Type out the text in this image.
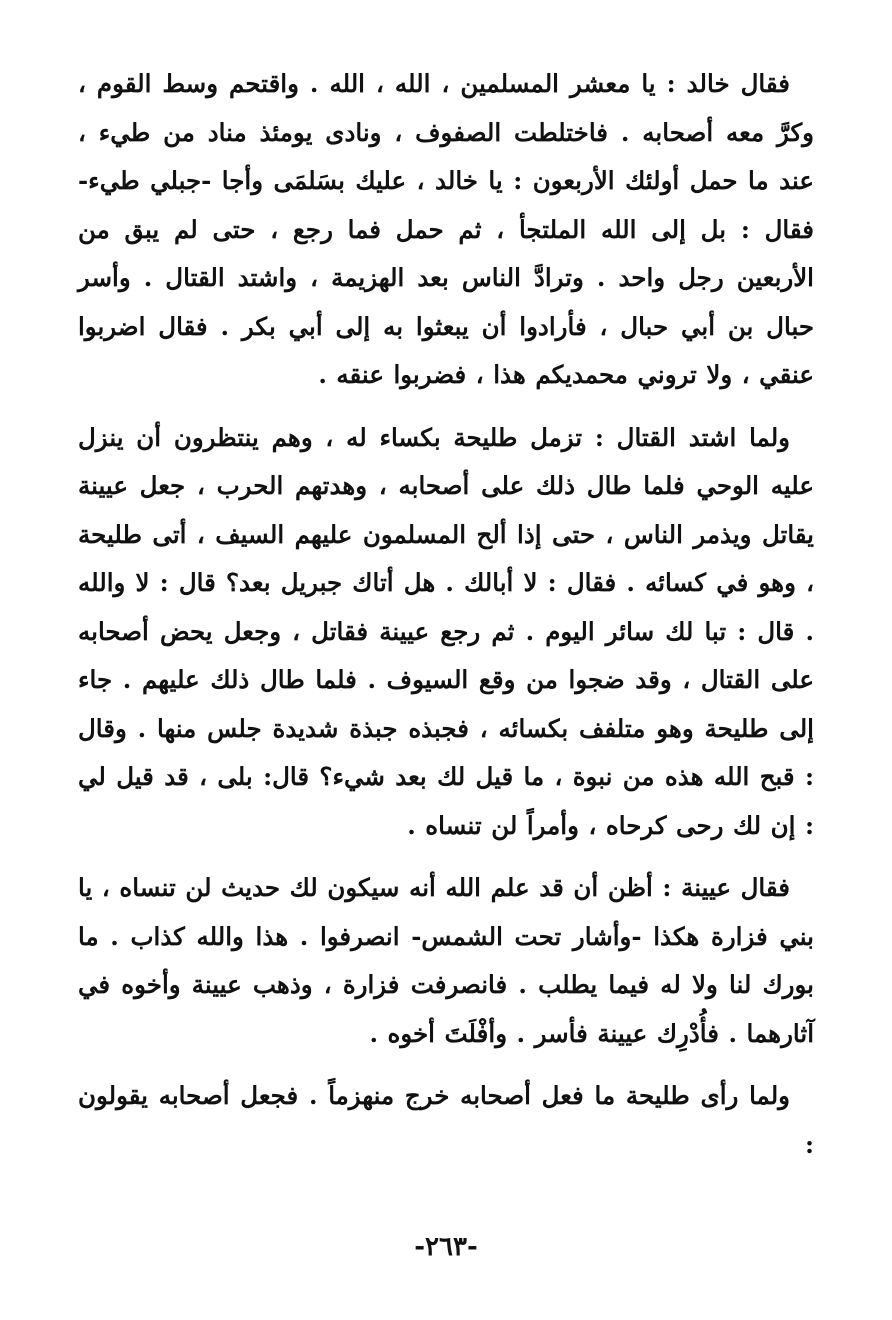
فقال خالد : يا معشر المسلمين ، الله ، الله . واقتحم وسط القوم ، وكرَّ معه أصحابه . فاختلطت الصفوف ، ونادى يومئذ مناد من طيء ، عند ما حمل أولئك الأربعون : يا خالد ، عليك بسَلمَى وأجا -جبلي طيء- فقال : بل إلى الله الملتجأ ، ثم حمل فما رجع ، حتى لم يبق من الأربعين رجل واحد . وترادَّ الناس بعد الهزيمة ، واشتد القتال . وأسر حبال بن أبي حبال ، فأرادوا أن يبعثوا به إلى أبي بكر . فقال اضربوا عنقي ، ولا تروني محمديكم هذا ، فضربوا عنقه .

ولما اشتد القتال : تزمل طليحة بكساء له ، وهم ينتظرون أن ينزل عليه الوحي فلما طال ذلك على أصحابه ، وهدتهم الحرب ، جعل عيينة يقاتل ويذمر الناس ، حتى إذا ألح المسلمون عليهم السيف ، أتى طليحة ، وهو في كسائه . فقال : لا أبالك . هل أتاك جبريل بعد؟ قال : لا والله . قال : تبا لك سائر اليوم . ثم رجع عيينة فقاتل ، وجعل يحض أصحابه على القتال ، وقد ضجوا من وقع السيوف . فلما طال ذلك عليهم . جاء إلى طليحة وهو متلفف بكسائه ، فجبذه جبذة شديدة جلس منها . وقال : قبح الله هذه من نبوة ، ما قيل لك بعد شيء؟ قال: بلى ، قد قيل لي : إن لك رحى كرحاه ، وأمراً لن تنساه .

فقال عيينة : أظن أن قد علم الله أنه سيكون لك حديث لن تنساه ، يا بني فزارة هكذا -وأشار تحت الشمس- انصرفوا . هذا والله كذاب . ما بورك لنا ولا له فيما يطلب . فانصرفت فزارة ، وذهب عيينة وأخوه في آثارهما . فأُدْرِك عيينة فأسر . وأفْلَتَ أخوه .

ولما رأى طليحة ما فعل أصحابه خرج منهزماً . فجعل أصحابه يقولون :

-٢٦٣-
